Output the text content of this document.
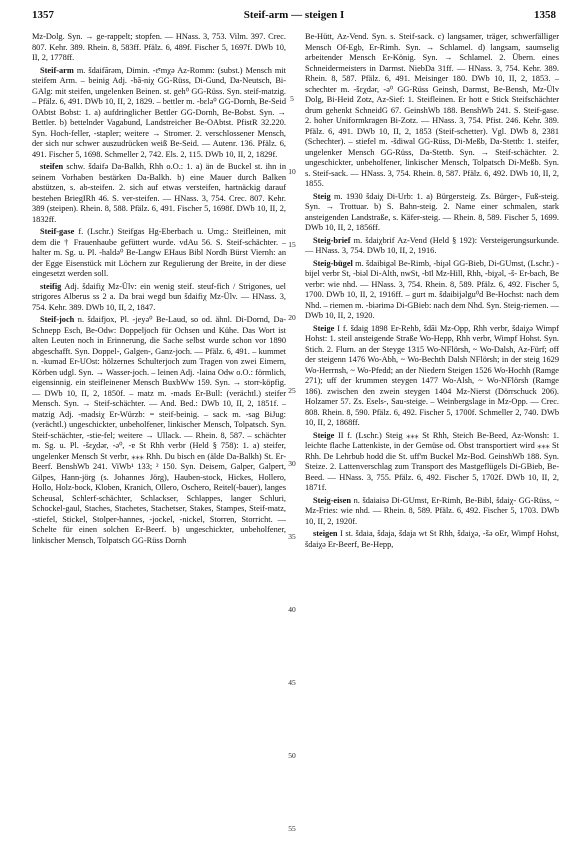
1357	Steif-arm — steigen I	1358

Mz-Dolg. Syn. → ge-rappelt; stopfen. — HNass. 3, 753. Vilm. 397. Crec. 807. Kehr. 389. Rhein. 8, 583ff. Pfälz. 6, 489f. Fischer 5, 1697f. DWb 10, II, 2, 1778ff.

Steif-arm m. šdaifārəm, Dimin. -ɛ̄ʳmχə Az-Romm: (subst.) Mensch mit steifem Arm. – beinig Adj. -bā-niχ GG-Rüss, Di-Gund, Da-Neutsch, Bi-GAlg: mit steifen, ungelenken Beinen. st. geh⁰ GG-Rüss. Syn. steif-matzig. – Pfälz. 6, 491. DWb 10, II, 2, 1829. – bettler m. -bɛlə⁰ GG-Dornh, Be-Seid OAbtst Bobst: 1. a) aufdringlicher Bettler GG-Dornh, Be-Bobst. Syn. → Bettler. b) bettelnder Vagabund, Landstreicher Be-OAbtst. PfistR 32.220. Syn. Hoch-feller, -stapler; weitere → Stromer. 2. verschlossener Mensch, der sich nur schwer auszudrücken weiß Be-Seid. — Autenr. 136. Pfälz. 6, 491. Fischer 5, 1698. Schmeller 2, 742. Els. 2, 115. DWb 10, II, 2, 1829f.

steifen schw. šdaifə Da-Balkh, Rhh o.O.: 1. a) än de Buckel st. ihn in seinem Vorhaben bestärken Da-Balkh. b) eine Mauer durch Balken abstützen, s. ab-steifen. 2. sich auf etwas versteifen, hartnäckig darauf bestehen BriegIRh 46. S. ver-steifen. — HNass. 3, 754. Crec. 807. Kehr. 389 (steipen). Rhein. 8, 588. Pfälz. 6, 491. Fischer 5, 1698f. DWb 10, II, 2, 1832ff.

Steif-gase f. (Lschr.) Steifgas Hg-Eberbach u. Umg.: Steifleinen, mit dem die † Frauenhaube gefüttert wurde. vdAu 56. S. Steif-schächter. – halter m. Sg. u. Pl. -haldə⁰ Be-Langw EHaus Bibl Nordh Bürst Viernh: an der Egge Eisenstück mit Löchern zur Regulierung der Breite, in der diese eingesetzt werden soll.

steifig Adj. šdaifiχ Mz-Ülv: ein wenig steif. steuf-fich / Strigones, uel strigores Alberus ss 2 a. Da brai wegd bun šdaifiχ Mz-Ülv. — HNass. 3, 754. Kehr. 389. DWb 10, II, 2, 1847.

Steif-joch n. šdaifjox, Pl. -jeyə⁰ Be-Laud, so od. ähnl. Di-Dornd, Da-Schnepp Esch, Be-Odw: Doppeljoch für Ochsen und Kühe. Das Wort ist alten Leuten noch in Erinnerung, die Sache selbst wurde schon vor 1890 abgeschafft. Syn. Doppel-, Galgen-, Ganz-joch. — Pfälz. 6, 491. – kummet n. -kumad Er-UOst: hölzernes Schulterjoch zum Tragen von zwei Eimern, Körben udgl. Syn. → Wasser-joch. – leinen Adj. -laina Odw o.O.: förmlich, eigensinnig. ein steifleinener Mensch BuxbWw 159. Syn. → storr-köpfig. — DWb 10, II, 2, 1850f. – matz m. -mads Er-Bull: (verächtl.) steifer Mensch. Syn. → Steif-schächter. — And. Bed.: DWb 10, II, 2, 1851f. – matzig Adj. -madsiχ Er-Würzb: = steif-beinig. – sack m. -sag BiJug: (verächtl.) ungeschickter, unbeholfener, linkischer Mensch, Tolpatsch. Syn. Steif-schächter, -stie-fel; weitere → Ullack. — Rhein. 8, 587. – schächter m. Sg. u. Pl. -šɛχdər, -ə⁰, -ɐ St Rhh verbr (Held § 758): 1. a) steifer, ungelenker Mensch St verbr, ⁎⁎⁎ Rhh. Du bisch en (älde Da-Balkh) St. Er-Beerf. BenshWb 241. ViWb¹ 133; ² 150. Syn. Deisem, Galper, Galpert, Gilpes, Hann-jörg (s. Johannes Jörg), Hauben-stock, Hickes, Hollero, Hollo, Holz-bock, Kloben, Kranich, Ollero, Oschero, Reitel(-bauer), langes Scheusal, Schlerf-schächter, Schlackser, Schlappes, langer Schluri, Schockel-gaul, Staches, Stachetes, Stachetser, Stakes, Stampes, Steif-matz, -stiefel, Stickel, Stolper-hannes, -jockel, -nickel, Storren, Storricht. — Schelte für einen solchen Er-Beerf. b) ungeschickter, unbeholfener, linkischer Mensch, Tolpatsch GG-Rüss Dornh

5
10
15
20
25
30
35
40
45
50
55

Be-Hütt, Az-Vend. Syn. s. Steif-sack. c) langsamer, träger, schwerfälliger Mensch Of-Egb, Er-Rimh. Syn. → Schlamel. d) langsam, saumselig arbeitender Mensch Er-König. Syn. → Schlamel. 2. Übern. eines Schneidermeisters in Darmst. NiebDa 31ff. — HNass. 3, 754. Kehr. 389. Rhein. 8, 587. Pfälz. 6, 491. Meisinger 180. DWb 10, II, 2, 1853. – schechter m. -šɛχdər, -ə⁰ GG-Rüss Geinsh, Darmst, Be-Bensh, Mz-Ülv Dolg, Bi-Heid Zotz, Az-Sief: 1. Steifleinen. Er hott e Stick Steifschächter drum gehenkt SchneidG 67. GeinshWb 188. BenshWb 241. S. Steif-gase. 2. hoher Uniformkragen Bi-Zotz. — HNass. 3, 754. Pfist. 246. Kehr. 389. Pfälz. 6, 491. DWb 10, II, 2, 1853 (Steif-schetter). Vgl. DWb 8, 2381 (Schechter). – stiefel m. -šdiwal GG-Rüss, Di-Meßb, Da-Stettb: 1. steifer, ungelenker Mensch GG-Rüss, Da-Stettb. Syn. → Steif-schächter. 2. ungeschickter, unbeholfener, linkischer Mensch, Tolpatsch Di-Meßb. Syn. s. Steif-sack. — HNass. 3, 754. Rhein. 8, 587. Pfälz. 6, 492. DWb 10, II, 2, 1855.

Steig m. 1930 šdaiχ Di-Urb: 1. a) Bürgersteig. Zs. Bürger-, Fuß-steig. Syn. → Trottuar. b) S. Bahn-steig. 2. Name einer schmalen, stark ansteigenden Landstraße, s. Käfer-steig. — Rhein. 8, 589. Fischer 5, 1699. DWb 10, II, 2, 1856ff.

Steig-brief m. šdaiχbrif Az-Vend (Held § 192): Versteigerungsurkunde. — HNass. 3, 754. DWb 10, II, 2, 1916.

Steig-bügel m. šdaibigəl Be-Rimb, -biȷəl GG-Bieb, Di-GUmst, (Lschr.) -bijel verbr St, -biəl Di-Alth, nwSt, -bīl Mz-Hill, Rhh, -biχəl, -š- Er-bach, Be verbr: wie nhd. — HNass. 3, 754. Rhein. 8, 589. Pfälz. 6, 492. Fischer 5, 1700. DWb 10, II, 2, 1916ff. – gurt m. šdaibijəlgu⁰d Be-Hochst: nach dem Nhd. – riemen m. -biərimə Di-GBieb: nach dem Nhd. Syn. Steig-riemen. — DWb 10, II, 2, 1920.

Steige I f. šdaig 1898 Er-Rehb, šdāi Mz-Opp, Rhh verbr, šdaiχə Wimpf Hohst: 1. steil ansteigende Straße Wo-Hepp, Rhh verbr, Wimpf Hohst. Syn. Stich. 2. Flurn. an der Steyge 1315 Wo-NFlörsh, ~ Wo-Dalsh, Az-Fürf; off der steigenn 1476 Wo-Abh, ~ Wo-Bechth Dalsh NFlörsh; in der steig 1629 Wo-Herrnsh, ~ Wo-Pfedd; an der Niedern Steigen 1526 Wo-Hochh (Ramge 271); uff der krummen steygen 1477 Wo-Alsh, ~ Wo-NFlörsh (Ramge 186). zwischen den zwein steygen 1404 Mz-Nierst (Dörrschuck 206). Holzamer 57. Zs. Esels-, Sau-steige. – Weinbergslage in Mz-Opp. — Crec. 808. Rhein. 8, 590. Pfälz. 6, 492. Fischer 5, 1700f. Schmeller 2, 740. DWb 10, II, 2, 1868ff.

Steige II f. (Lschr.) Steig ⁎⁎⁎ St Rhh, Steich Be-Beed, Az-Wonsh: 1. leichte flache Lattenkiste, in der Gemüse od. Obst transportiert wird ⁎⁎⁎ St Rhh. De Lehrbub hodd die St. uff'm Buckel Mz-Bod. GeinshWb 188. Syn. Steize. 2. Lattenverschlag zum Transport des Mastgeflügels Di-GBieb, Be-Beed. — HNass. 3, 755. Pfälz. 6, 492. Fischer 5, 1702f. DWb 10, II, 2, 1871f.

Steig-eisen n. šdaiaisə Di-GUmst, Er-Rimh, Be-Bibl, šdaiχ- GG-Rüss, ~ Mz-Fries: wie nhd. — Rhein. 8, 589. Pfälz. 6, 492. Fischer 5, 1703. DWb 10, II, 2, 1920f.

steigen I st. šdaia, šdaja, šdaja wt St Rhh, šdaiχə, -šə oEr, Wimpf Hohst, šdaiχə Er-Beerf, Be-Hepp,
